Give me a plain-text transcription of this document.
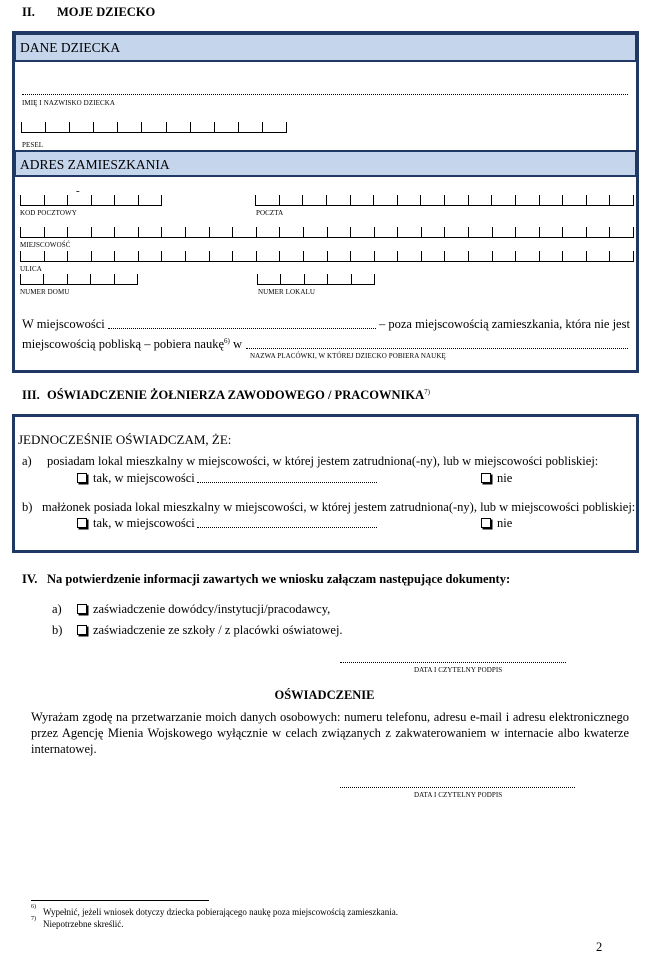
II. MOJE DZIECKO
DANE DZIECKA
IMIĘ I NAZWISKO DZIECKA
PESEL
ADRES ZAMIESZKANIA
-
KOD POCZTOWY	POCZTA
MIEJSCOWOŚĆ
ULICA
NUMER DOMU	NUMER LOKALU
W miejscowości	– poza miejscowością zamieszkania, która nie jest
miejscowością pobliską – pobiera naukę$^{6)}$ w
NAZWA PLACÓWKI, W KTÓREJ DZIECKO POBIERA NAUKĘ
III. OŚWIADCZENIE ŻOŁNIERZA ZAWODOWEGO / PRACOWNIKA$^{7)}$
JEDNOCZEŚNIE OŚWIADCZAM, ŻE:
a) posiadam lokal mieszkalny w miejscowości, w której jestem zatrudniona(-ny), lub w miejscowości pobliskiej:
tak, w miejscowości	nie
b) małżonek posiada lokal mieszkalny w miejscowości, w której jestem zatrudniona(-ny), lub w miejscowości pobliskiej:
tak, w miejscowości	nie
IV. Na potwierdzenie informacji zawartych we wniosku załączam następujące dokumenty:
a)	zaświadczenie dowódcy/instytucji/pracodawcy,
b)	zaświadczenie ze szkoły / z placówki oświatowej.
DATA I CZYTELNY PODPIS
OŚWIADCZENIE
Wyrażam zgodę na przetwarzanie moich danych osobowych: numeru telefonu, adresu e-mail i adresu elektronicznego przez Agencję Mienia Wojskowego wyłącznie w celach związanych z zakwaterowaniem w internacie albo kwaterze internatowej.
DATA I CZYTELNY PODPIS
6) Wypełnić, jeżeli wniosek dotyczy dziecka pobierającego naukę poza miejscowością zamieszkania.
7) Niepotrzebne skreślić.
2
